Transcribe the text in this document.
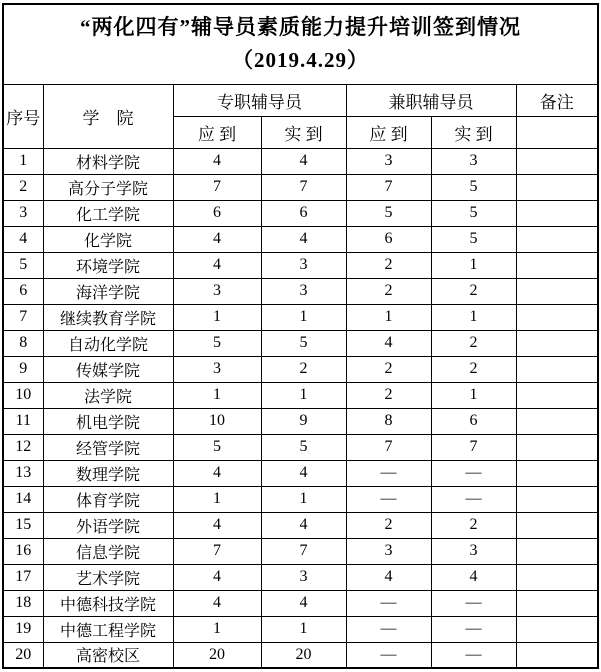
“两化四有”辅导员素质能力提升培训签到情况
（2019.4.29）						

序号	学　院	专职辅导员		兼职辅导员		备注
		应 到	实 到	应 到	实 到	
1	材料学院	4	4	3	3	
2	高分子学院	7	7	7	5	
3	化工学院	6	6	5	5	
4	化学院	4	4	6	5	
5	环境学院	4	3	2	1	
6	海洋学院	3	3	2	2	
7	继续教育学院	1	1	1	1	
8	自动化学院	5	5	4	2	
9	传媒学院	3	2	2	2	
10	法学院	1	1	2	1	
11	机电学院	10	9	8	6	
12	经管学院	5	5	7	7	
13	数理学院	4	4	—	—	
14	体育学院	1	1	—	—	
15	外语学院	4	4	2	2	
16	信息学院	7	7	3	3	
17	艺术学院	4	3	4	4	
18	中德科技学院	4	4	—	—	
19	中德工程学院	1	1	—	—	
20	高密校区	20	20	—	—	
